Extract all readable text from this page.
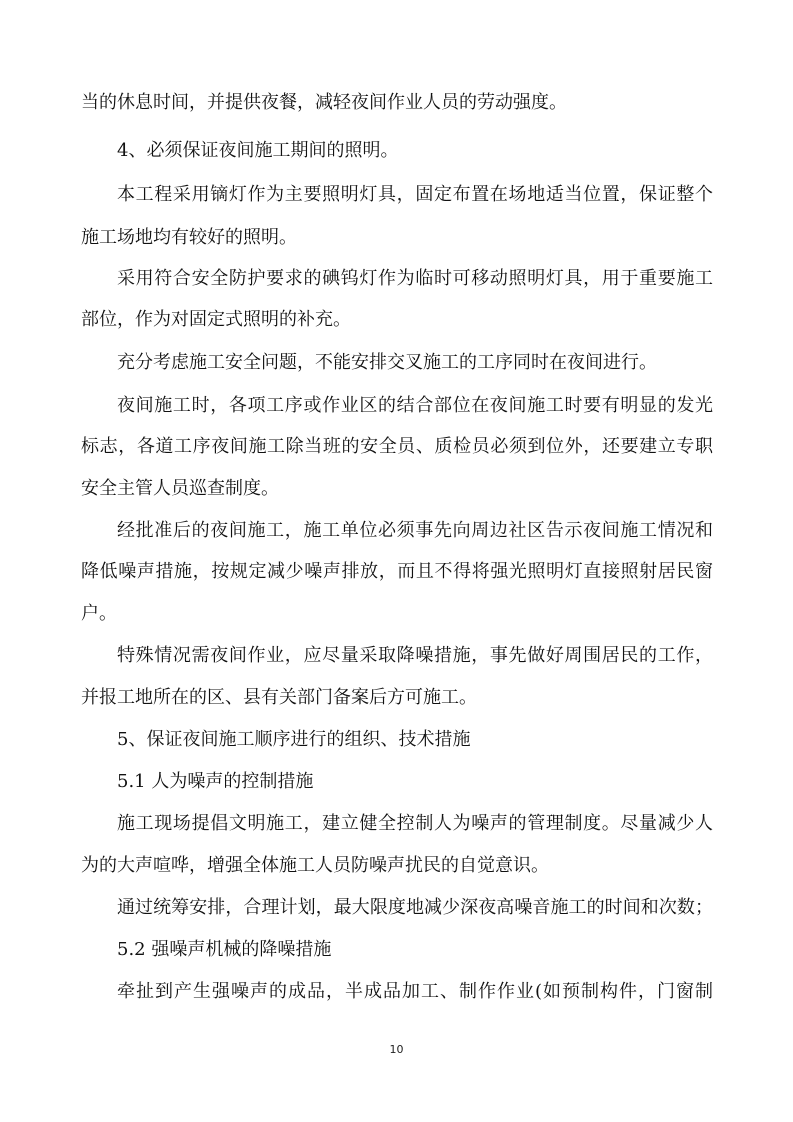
当的休息时间，并提供夜餐，减轻夜间作业人员的劳动强度。
4、必须保证夜间施工期间的照明。
本工程采用镝灯作为主要照明灯具，固定布置在场地适当位置，保证整个
施工场地均有较好的照明。
采用符合安全防护要求的碘钨灯作为临时可移动照明灯具，用于重要施工
部位，作为对固定式照明的补充。
充分考虑施工安全问题，不能安排交叉施工的工序同时在夜间进行。
夜间施工时，各项工序或作业区的结合部位在夜间施工时要有明显的发光
标志，各道工序夜间施工除当班的安全员、质检员必须到位外，还要建立专职
安全主管人员巡查制度。
经批准后的夜间施工，施工单位必须事先向周边社区告示夜间施工情况和
降低噪声措施，按规定减少噪声排放，而且不得将强光照明灯直接照射居民窗
户。
特殊情况需夜间作业，应尽量采取降噪措施，事先做好周围居民的工作，
并报工地所在的区、县有关部门备案后方可施工。
5、保证夜间施工顺序进行的组织、技术措施
5.1 人为噪声的控制措施
施工现场提倡文明施工，建立健全控制人为噪声的管理制度。尽量减少人
为的大声喧哗，增强全体施工人员防噪声扰民的自觉意识。
通过统筹安排，合理计划，最大限度地减少深夜高噪音施工的时间和次数；
5.2 强噪声机械的降噪措施
牵扯到产生强噪声的成品，半成品加工、制作作业(如预制构件，门窗制
10
